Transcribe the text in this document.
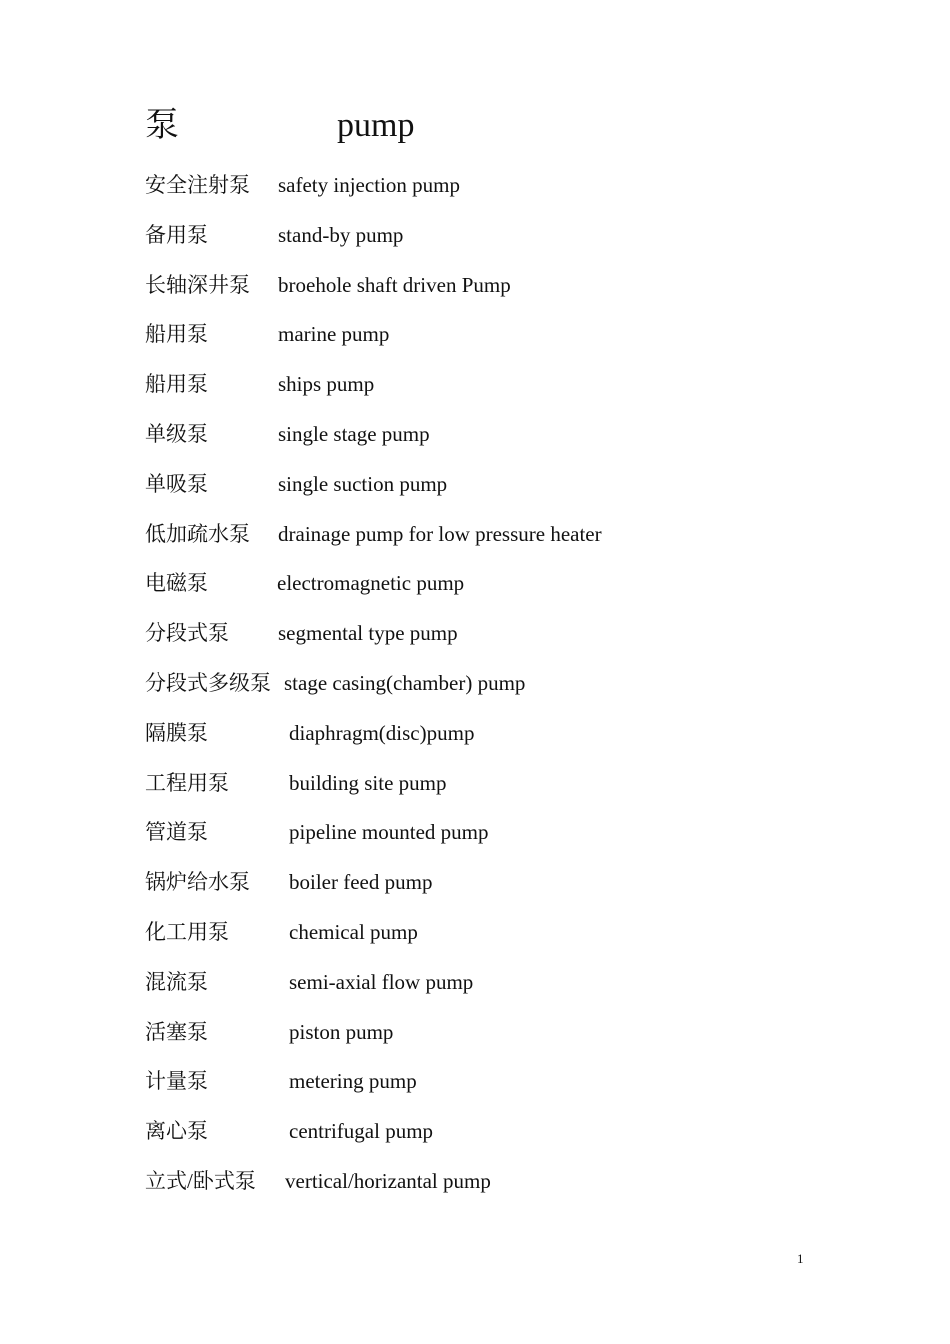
泵	pump
安全注射泵 safety injection pump
备用泵	stand-by pump
长轴深井泵 broehole shaft driven Pump
船用泵	marine pump
船用泵	ships pump
单级泵	single stage pump
单吸泵	single suction pump
低加疏水泵 drainage pump for low pressure heater
电磁泵	electromagnetic pump
分段式泵 segmental type pump
分段式多级泵 stage casing(chamber) pump
隔膜泵	diaphragm(disc)pump
工程用泵	building site pump
管道泵	pipeline mounted pump
锅炉给水泵 boiler feed pump
化工用泵	chemical pump
混流泵	semi-axial flow pump
活塞泵	piston pump
计量泵	metering pump
离心泵	centrifugal pump
立式/卧式泵 vertical/horizantal pump
1
